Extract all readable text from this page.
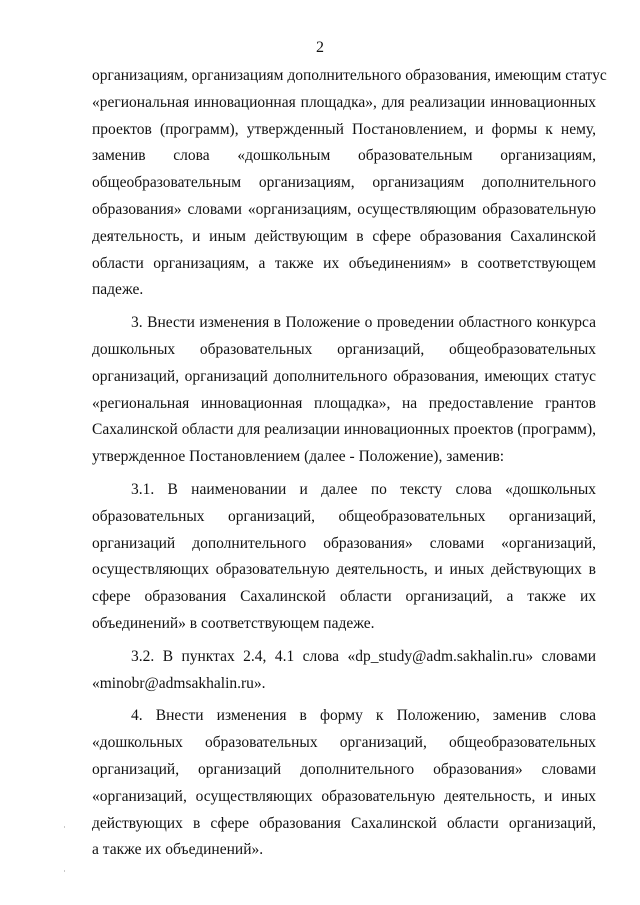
2
организациям, организациям дополнительного образования, имеющим статус
«региональная инновационная площадка», для реализации инновационных
проектов (программ), утвержденный Постановлением, и формы к нему,
заменив слова «дошкольным образовательным организациям,
общеобразовательным организациям, организациям дополнительного
образования» словами «организациям, осуществляющим образовательную
деятельность, и иным действующим в сфере образования Сахалинской
области организациям, а также их объединениям» в соответствующем
падеже.
3. Внести изменения в Положение о проведении областного конкурса
дошкольных образовательных организаций, общеобразовательных
организаций, организаций дополнительного образования, имеющих статус
«региональная инновационная площадка», на предоставление грантов
Сахалинской области для реализации инновационных проектов (программ),
утвержденное Постановлением (далее - Положение), заменив:
3.1. В наименовании и далее по тексту слова «дошкольных
образовательных организаций, общеобразовательных организаций,
организаций дополнительного образования» словами «организаций,
осуществляющих образовательную деятельность, и иных действующих в
сфере образования Сахалинской области организаций, а также их
объединений» в соответствующем падеже.
3.2. В пунктах 2.4, 4.1 слова «dp_study@adm.sakhalin.ru» словами
«minobr@admsakhalin.ru».
4. Внести изменения в форму к Положению, заменив слова
«дошкольных образовательных организаций, общеобразовательных
организаций, организаций дополнительного образования» словами
«организаций, осуществляющих образовательную деятельность, и иных
действующих в сфере образования Сахалинской области организаций,
а также их объединений».
